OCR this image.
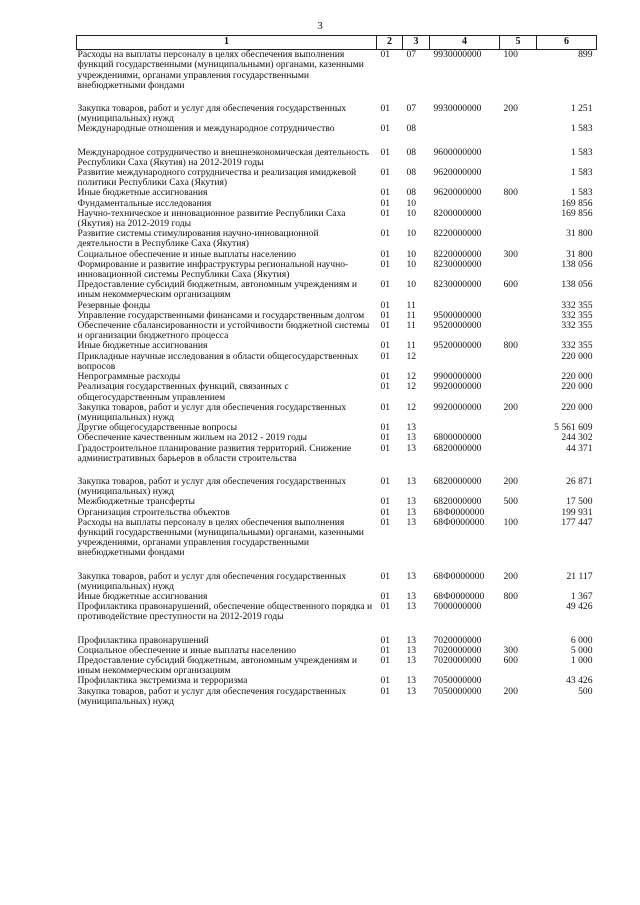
3
1	2	3	4	5	6
Расходы на выплаты персоналу в целях обеспечения выполнения функций государственными (муниципальными) органами, казенными учреждениями, органами управления государственными внебюджетными фондами	01	07	9930000000	100	899

Закупка товаров, работ и услуг для обеспечения государственных (муниципальных) нужд	01	07	9930000000	200	1 251
Международные отношения и международное сотрудничество	01	08			1 583

Международное сотрудничество и внешнеэкономическая деятельность Республики Саха (Якутия) на 2012-2019 годы	01	08	9600000000		1 583
Развитие международного сотрудничества и реализация имиджевой политики Республики Саха (Якутия)	01	08	9620000000		1 583
Иные бюджетные ассигнования	01	08	9620000000	800	1 583
Фундаментальные исследования	01	10			169 856
Научно-техническое и инновационное развитие Республики Саха (Якутия) на 2012-2019 годы	01	10	8200000000		169 856
Развитие системы стимулирования научно-инновационной деятельности в Республике Саха (Якутия)	01	10	8220000000		31 800
Социальное обеспечение и иные выплаты населению	01	10	8220000000	300	31 800
Формирование и развитие инфраструктуры региональной научно-инновационной системы Республики Саха (Якутия)	01	10	8230000000		138 056
Предоставление субсидий бюджетным, автономным учреждениям и иным некоммерческим организациям	01	10	8230000000	600	138 056
Резервные фонды	01	11			332 355
Управление государственными финансами и государственным долгом	01	11	9500000000		332 355
Обеспечение сбалансированности и устойчивости бюджетной системы и организации бюджетного процесса	01	11	9520000000		332 355
Иные бюджетные ассигнования	01	11	9520000000	800	332 355
Прикладные научные исследования в области общегосударственных вопросов	01	12			220 000
Непрограммные расходы	01	12	9900000000		220 000
Реализация государственных функций, связанных с общегосударственным управлением	01	12	9920000000		220 000
Закупка товаров, работ и услуг для обеспечения государственных (муниципальных) нужд	01	12	9920000000	200	220 000
Другие общегосударственные вопросы	01	13			5 561 609
Обеспечение качественным жильем на 2012 - 2019 годы	01	13	6800000000		244 302
Градостроительное планирование развития территорий. Снижение административных барьеров в области строительства	01	13	6820000000		44 371

Закупка товаров, работ и услуг для обеспечения государственных (муниципальных) нужд	01	13	6820000000	200	26 871
Межбюджетные трансферты	01	13	6820000000	500	17 500
Организация строительства объектов	01	13	68Ф0000000		199 931
Расходы на выплаты персоналу в целях обеспечения выполнения функций государственными (муниципальными) органами, казенными учреждениями, органами управления государственными внебюджетными фондами	01	13	68Ф0000000	100	177 447

Закупка товаров, работ и услуг для обеспечения государственных (муниципальных) нужд	01	13	68Ф0000000	200	21 117
Иные бюджетные ассигнования	01	13	68Ф0000000	800	1 367
Профилактика правонарушений, обеспечение общественного порядка и противодействие преступности на 2012-2019 годы	01	13	7000000000		49 426

Профилактика правонарушений	01	13	7020000000		6 000
Социальное обеспечение и иные выплаты населению	01	13	7020000000	300	5 000
Предоставление субсидий бюджетным, автономным учреждениям и иным некоммерческим организациям	01	13	7020000000	600	1 000
Профилактика экстремизма и терроризма	01	13	7050000000		43 426
Закупка товаров, работ и услуг для обеспечения государственных (муниципальных) нужд	01	13	7050000000	200	500
